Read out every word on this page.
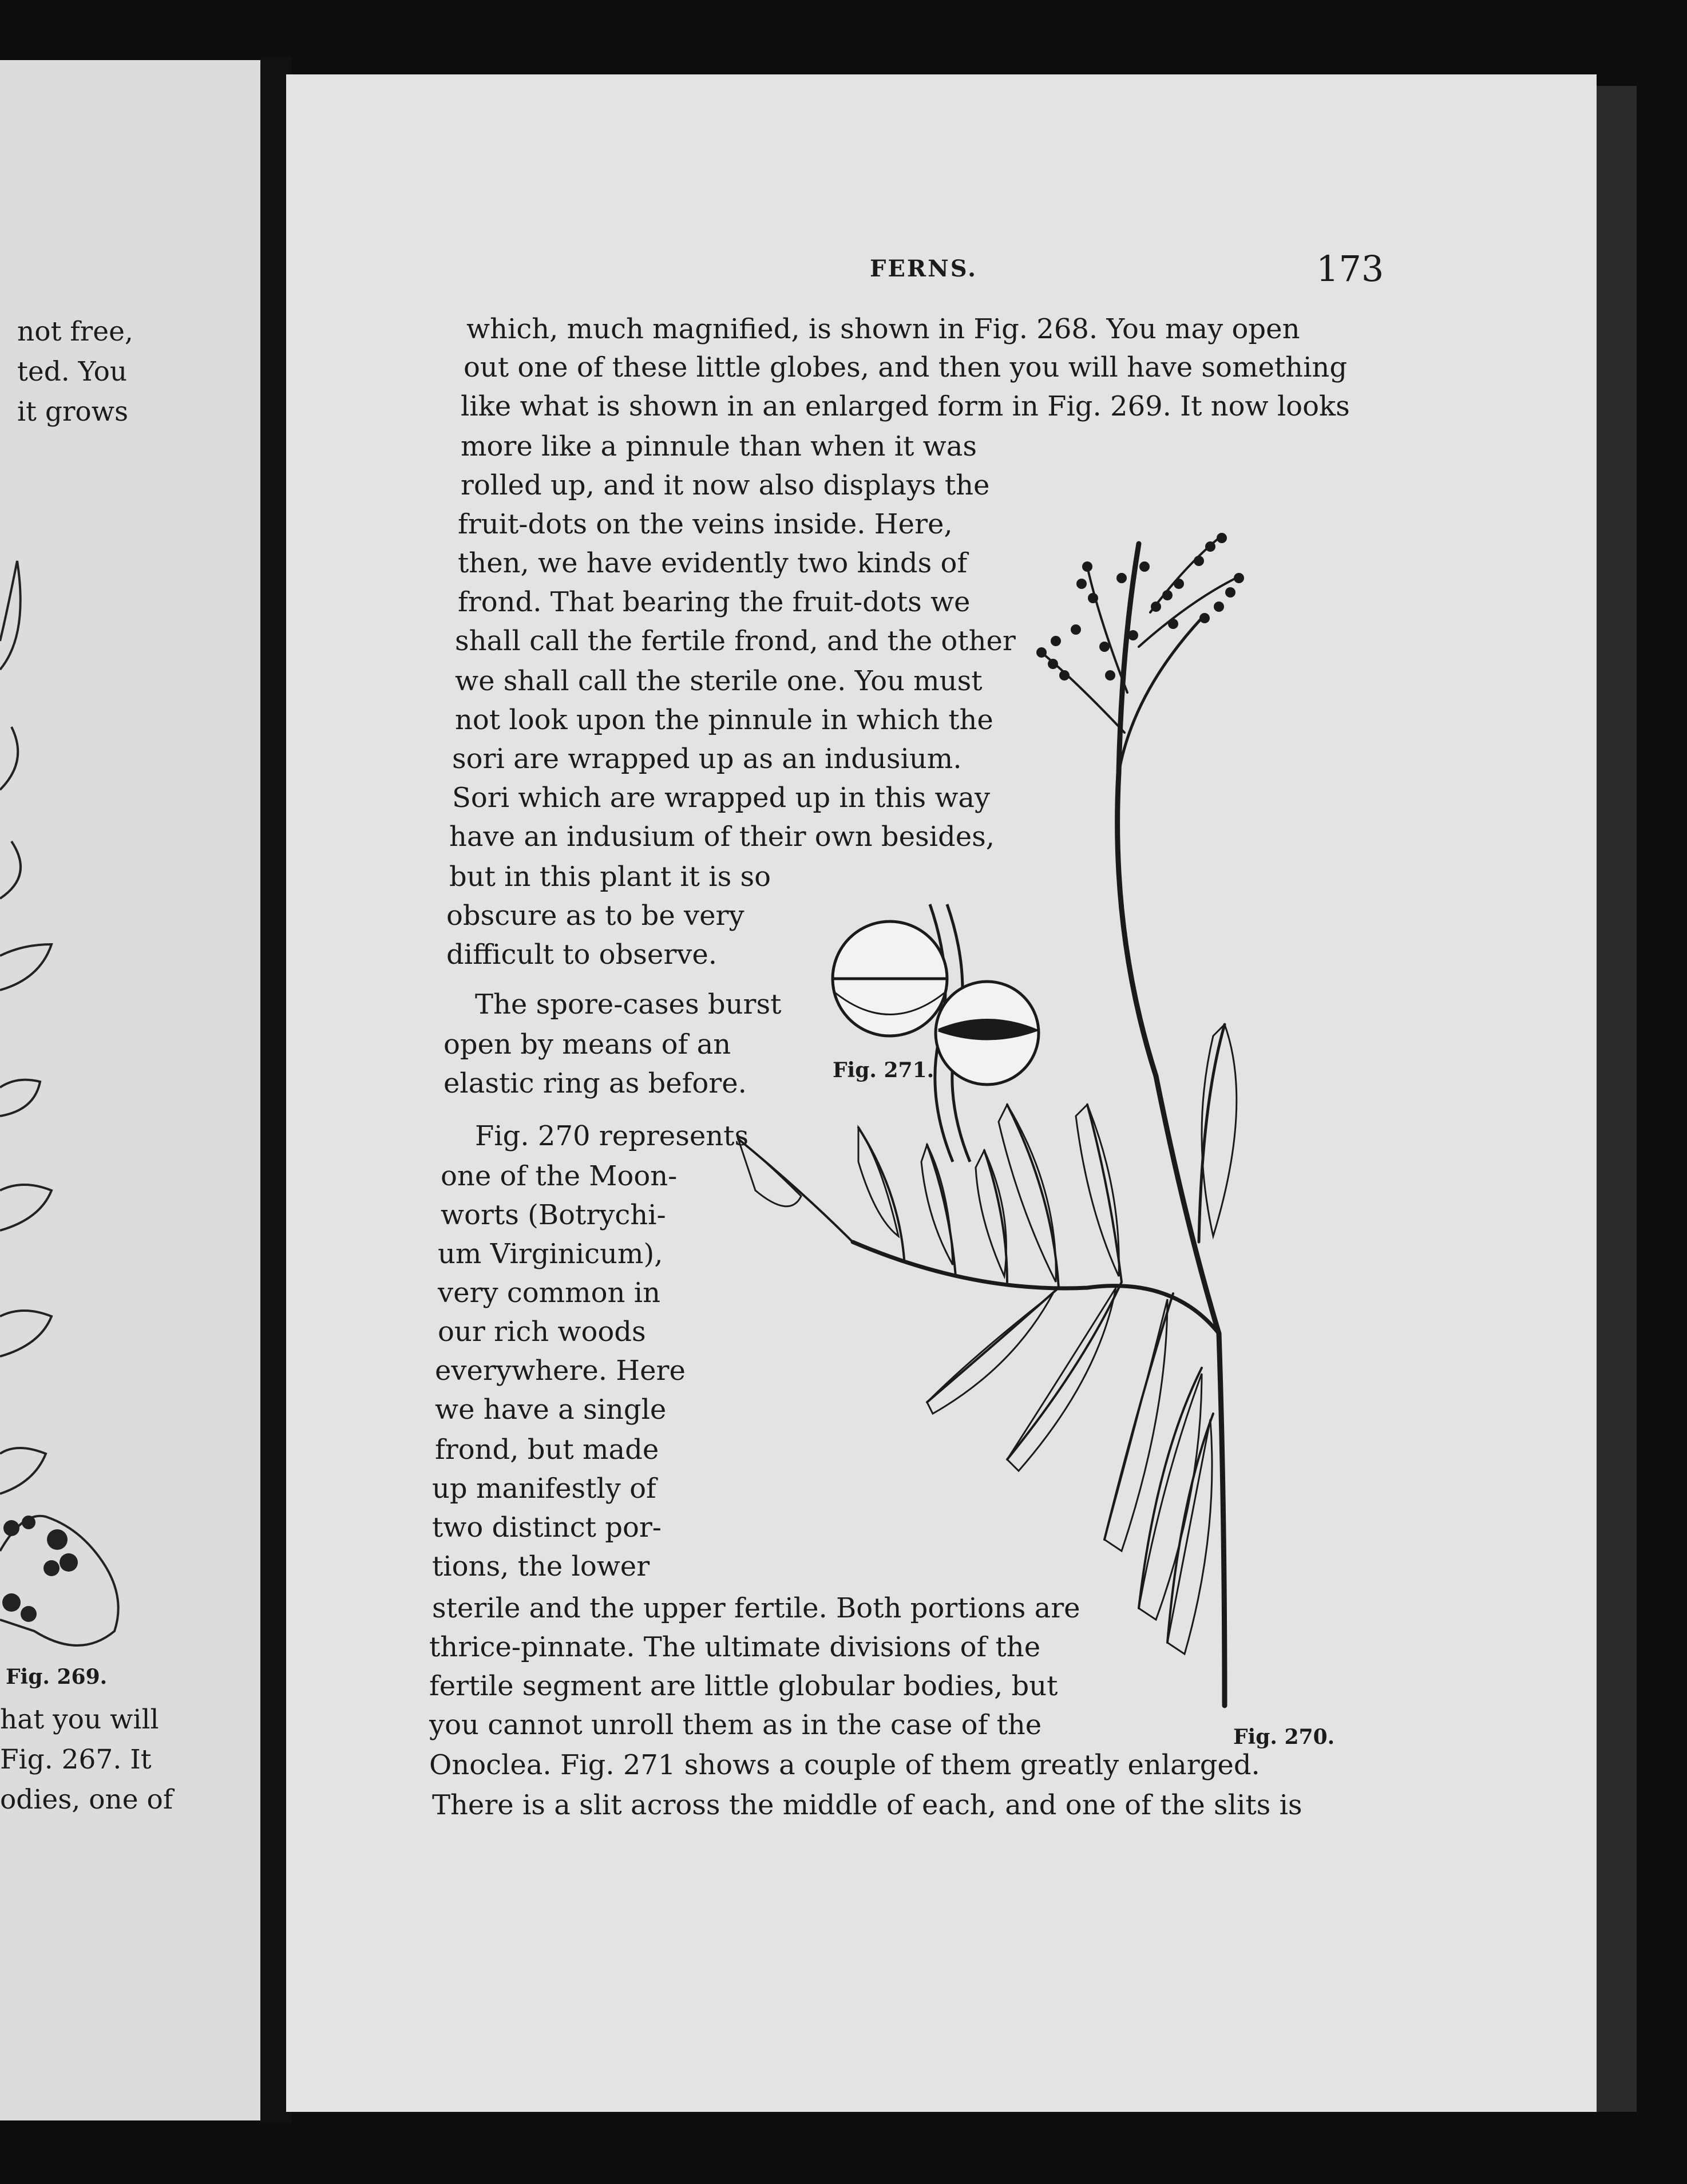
not free,
ted. You
it grows
Fig. 269.
hat you will
Fig. 267. It
odies, one of
FERNS.	173
which, much magnified, is shown in Fig. 268. You may open
out one of these little globes, and then you will have something
like what is shown in an enlarged form in Fig. 269. It now looks
more like a pinnule than when it was
rolled up, and it now also displays the
fruit-dots on the veins inside. Here,
then, we have evidently two kinds of
frond. That bearing the fruit-dots we
shall call the fertile frond, and the other
we shall call the sterile one. You must
not look upon the pinnule in which the
sori are wrapped up as an indusium.
Sori which are wrapped up in this way
have an indusium of their own besides,
but in this plant it is so
obscure as to be very
difficult to observe.
The spore-cases burst
open by means of an
elastic ring as before.
Fig. 270 represents
one of the Moon-
worts (Botrychi-
um Virginicum),
very common in
our rich woods
everywhere. Here
we have a single
frond, but made
up manifestly of
two distinct por-
tions, the lower
sterile and the upper fertile. Both portions are
thrice-pinnate. The ultimate divisions of the
fertile segment are little globular bodies, but
you cannot unroll them as in the case of the
Onoclea. Fig. 271 shows a couple of them greatly enlarged.
There is a slit across the middle of each, and one of the slits is
Fig. 271.
Fig. 270.
